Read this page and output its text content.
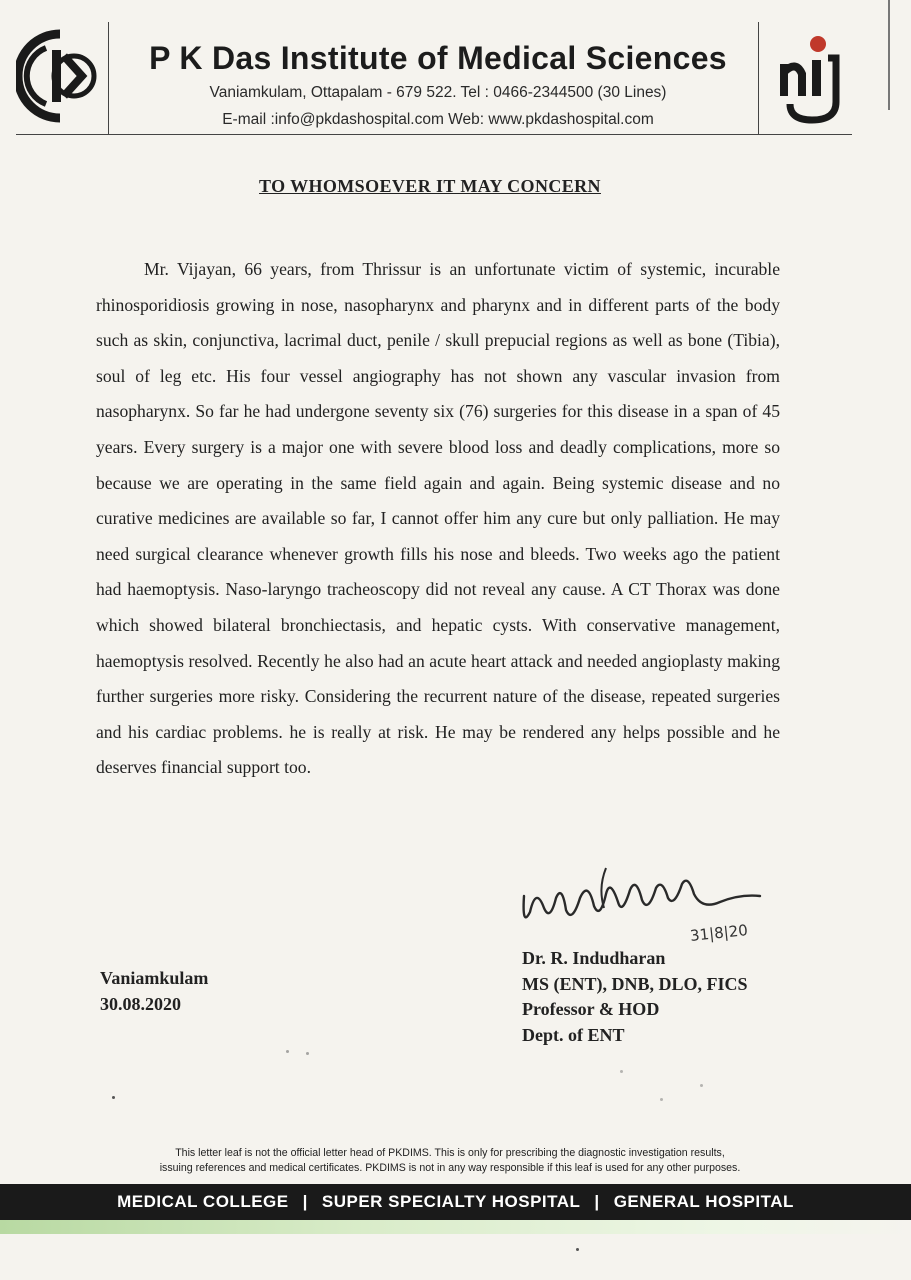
P K Das Institute of Medical Sciences
Vaniamkulam, Ottapalam - 679 522. Tel : 0466-2344500 (30 Lines)
E-mail :info@pkdashospital.com Web: www.pkdashospital.com
TO WHOMSOEVER IT MAY CONCERN
Mr. Vijayan, 66 years, from Thrissur is an unfortunate victim of systemic, incurable rhinosporidiosis growing in nose, nasopharynx and pharynx and in different parts of the body such as skin, conjunctiva, lacrimal duct, penile / skull prepucial regions as well as bone (Tibia), soul of leg etc. His four vessel angiography has not shown any vascular invasion from nasopharynx. So far he had undergone seventy six (76) surgeries for this disease in a span of 45 years. Every surgery is a major one with severe blood loss and deadly complications, more so because we are operating in the same field again and again. Being systemic disease and no curative medicines are available so far, I cannot offer him any cure but only palliation. He may need surgical clearance whenever growth fills his nose and bleeds. Two weeks ago the patient had haemoptysis. Naso-laryngo tracheoscopy did not reveal any cause. A CT Thorax was done which showed bilateral bronchiectasis, and hepatic cysts. With conservative management, haemoptysis resolved. Recently he also had an acute heart attack and needed angioplasty making further surgeries more risky. Considering the recurrent nature of the disease, repeated surgeries and his cardiac problems. he is really at risk. He may be rendered any helps possible and he deserves financial support too.
31|8|20
Dr. R. Indudharan
MS (ENT), DNB, DLO, FICS
Professor & HOD
Dept. of ENT
Vaniamkulam
30.08.2020
This letter leaf is not the official letter head of PKDIMS. This is only for prescribing the diagnostic investigation results,
issuing references and medical certificates. PKDIMS is not in any way responsible if this leaf is used for any other purposes.
MEDICAL COLLEGE | SUPER SPECIALTY HOSPITAL | GENERAL HOSPITAL
